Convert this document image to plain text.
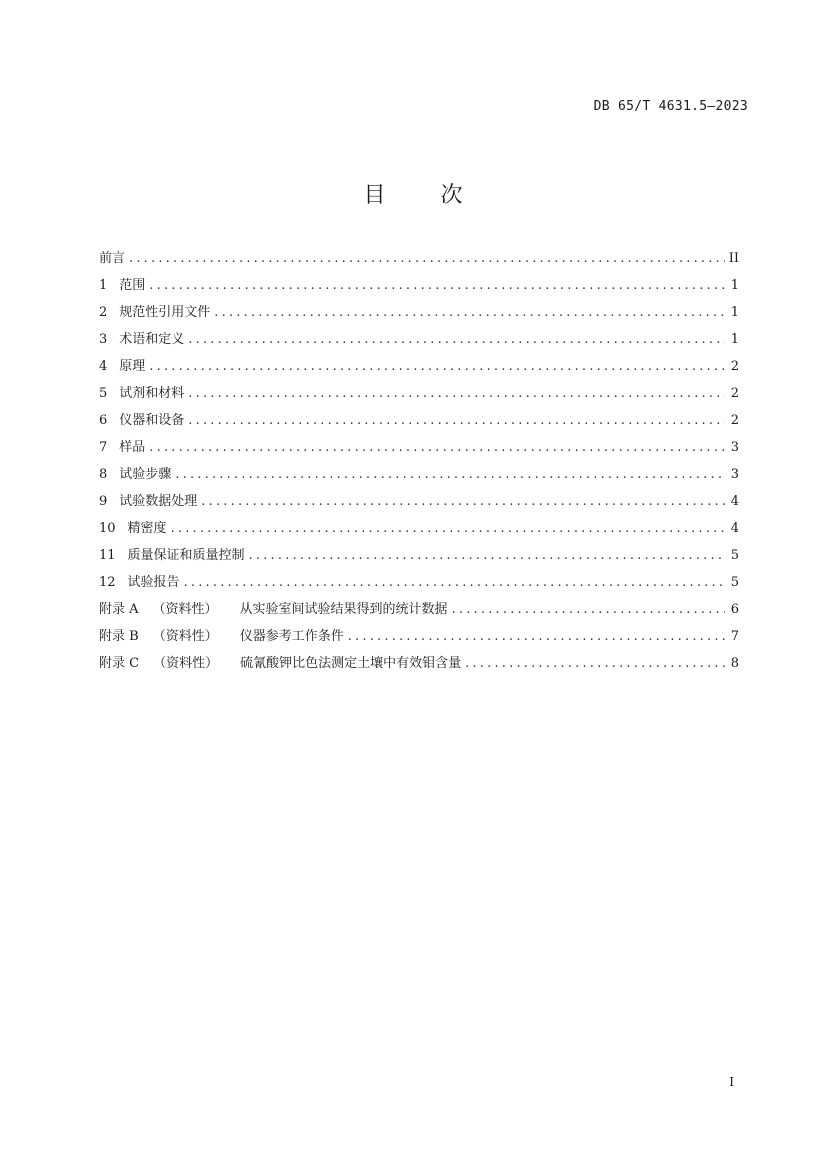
DB 65/T 4631.5—2023
目	次
前言 .....	II
1 范围 .....	1
2 规范性引用文件 .....	1
3 术语和定义 .....	1
4 原理 .....	2
5 试剂和材料 .....	2
6 仪器和设备 .....	2
7 样品 .....	3
8 试验步骤 .....	3
9 试验数据处理 .....	4
10 精密度 .....	4
11 质量保证和质量控制 .....	5
12 试验报告 .....	5
附录 A （资料性） 从实验室间试验结果得到的统计数据 .....	6
附录 B （资料性） 仪器参考工作条件 .....	7
附录 C （资料性） 硫氰酸钾比色法测定土壤中有效钼含量 .....	8
I
